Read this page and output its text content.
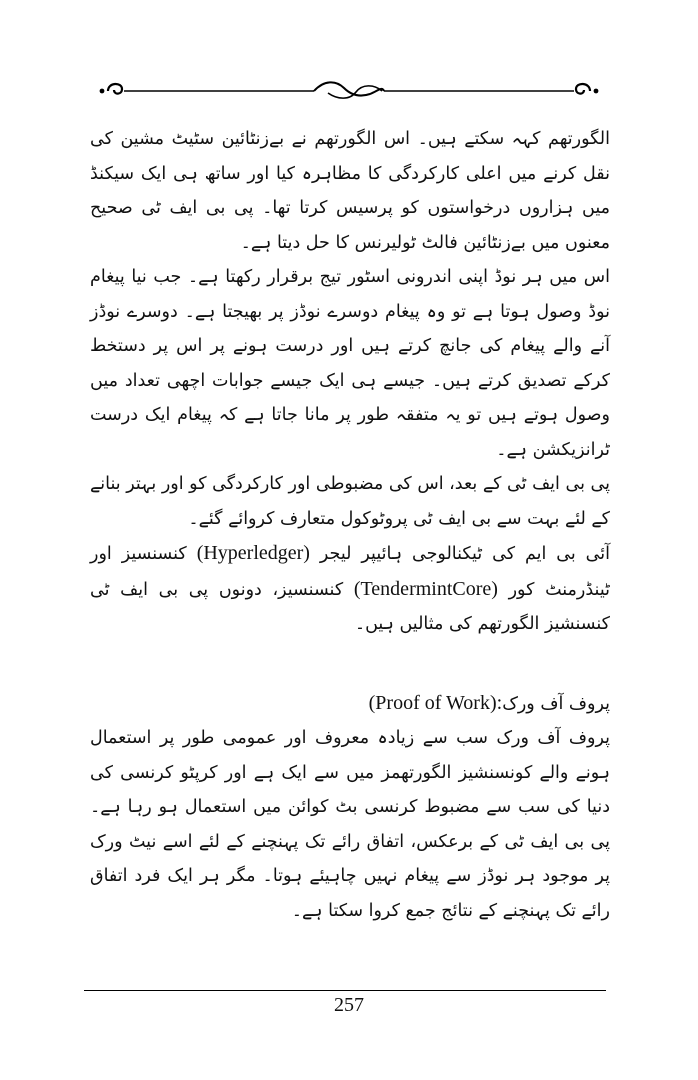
الگورتھم کہہ سکتے ہیں۔ اس الگورتھم نے بےزنٹائین سٹیٹ مشین کی نقل کرنے میں اعلی کارکردگی کا مظاہرہ کیا اور ساتھ ہی ایک سیکنڈ میں ہزاروں درخواستوں کو پرسیس کرتا تھا۔ پی بی ایف ٹی صحیح معنوں میں بےزنٹائین فالٹ ٹولیرنس کا حل دیتا ہے۔

اس میں ہر نوڈ اپنی اندرونی اسٹور تیج برقرار رکھتا ہے۔ جب نیا پیغام نوڈ وصول ہوتا ہے تو وہ پیغام دوسرے نوڈز پر بھیجتا ہے۔ دوسرے نوڈز آنے والے پیغام کی جانچ کرتے ہیں اور درست ہونے پر اس پر دستخط کرکے تصدیق کرتے ہیں۔ جیسے ہی ایک جیسے جوابات اچھی تعداد میں وصول ہوتے ہیں تو یہ متفقہ طور پر مانا جاتا ہے کہ پیغام ایک درست ٹرانزیکشن ہے۔

پی بی ایف ٹی کے بعد، اس کی مضبوطی اور کارکردگی کو اور بہتر بنانے کے لئے بہت سے بی ایف ٹی پروٹوکول متعارف کروائے گئے۔

آئی بی ایم کی ٹیکنالوجی ہائیپر لیجر (Hyperledger) کنسنسیز اور ٹینڈرمنٹ کور (TendermintCore) کنسنسیز، دونوں پی بی ایف ٹی کنسنشیز الگورتھم کی مثالیں ہیں۔

پروف آف ورک(Proof of Work):

پروف آف ورک سب سے زیادہ معروف اور عمومی طور پر استعمال ہونے والے کونسنشیز الگورتھمز میں سے ایک ہے اور کرپٹو کرنسی کی دنیا کی سب سے مضبوط کرنسی بٹ کوائن میں استعمال ہو رہا ہے۔ پی بی ایف ٹی کے برعکس، اتفاق رائے تک پہنچنے کے لئے اسے نیٹ ورک پر موجود ہر نوڈز سے پیغام نہیں چاہیئے ہوتا۔ مگر ہر ایک فرد اتفاق رائے تک پہنچنے کے نتائج جمع کروا سکتا ہے۔

257
